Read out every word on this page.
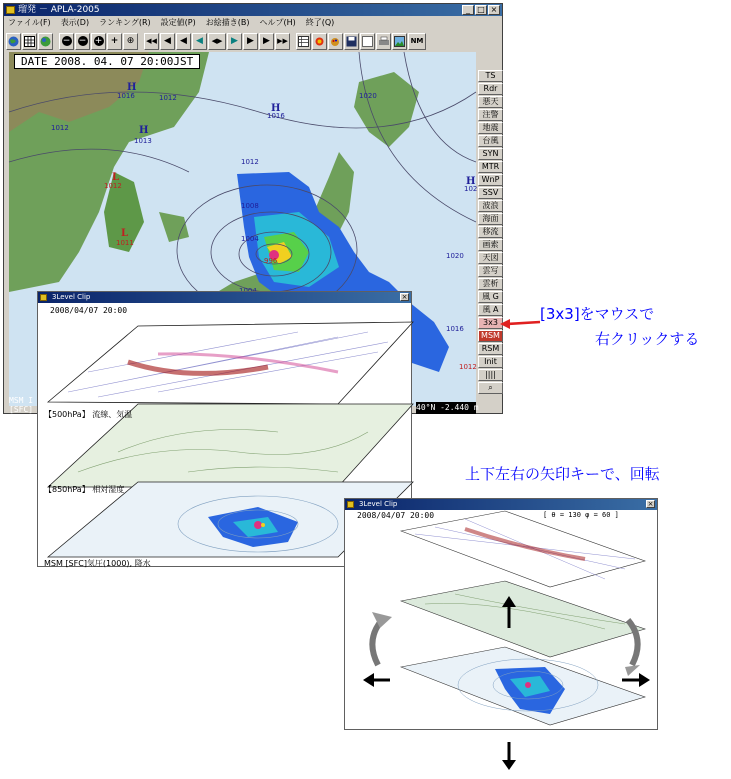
瑠発 － APLA-2005	_ □ ×
ファイル(F) 表示(D) ランキング(R) 設定値(P) お絵描き(B) ヘルプ(H) 終了(Q)
− − + + ⊕ ◀◀ ◀ ◀ ◀ ◀▶ ▶ ▶ ▶ ▶▶	NM
DATE 2008. 04. 07 20:00JST
1016	1012
1012
1013
1016
1012
1020
1008
1004
1011
1012
996
1020
1016
1012
102
H
H
H
L
L
H
TS
Rdr
悪天
注警
地震
台風
SYN
MTR
WnP
SSV
波浪
海面
移流
画索
天図
雲写
雲析
風 G
風 A
3x3
MSM
RSM
Init
||||
⌕
MSM I
[SFC]	40°N -2.440 m
3Level Clip	×
2008/04/07 20:00
【500hPa】 流線、気温
【850hPa】 相対湿度
MSM [SFC]気圧(1000), 降水
3Level Clip	×
2008/04/07 20:00	[ θ = 130 φ = 60 ]
[3x3]をマウスで
右クリックする
上下左右の矢印キーで、回転
